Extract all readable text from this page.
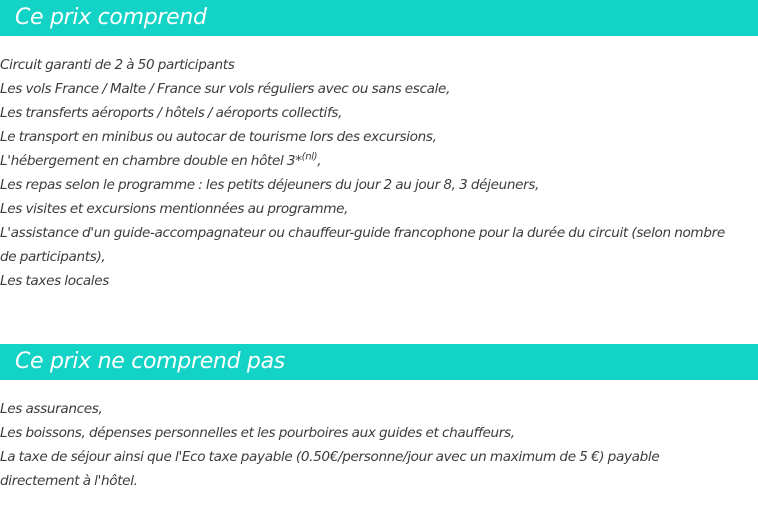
Ce prix comprend
Circuit garanti de 2 à 50 participants
Les vols France / Malte / France sur vols réguliers avec ou sans escale,
Les transferts aéroports / hôtels / aéroports collectifs,
Le transport en minibus ou autocar de tourisme lors des excursions,
L'hébergement en chambre double en hôtel 3*$^{(nl)}$,
Les repas selon le programme : les petits déjeuners du jour 2 au jour 8, 3 déjeuners,
Les visites et excursions mentionnées au programme,
L'assistance d'un guide-accompagnateur ou chauffeur-guide francophone pour la durée du circuit (selon nombre de participants),
Les taxes locales
Ce prix ne comprend pas
Les assurances,
Les boissons, dépenses personnelles et les pourboires aux guides et chauffeurs,
La taxe de séjour ainsi que l'Eco taxe payable (0.50€/personne/jour avec un maximum de 5 €) payable directement à l'hôtel.
